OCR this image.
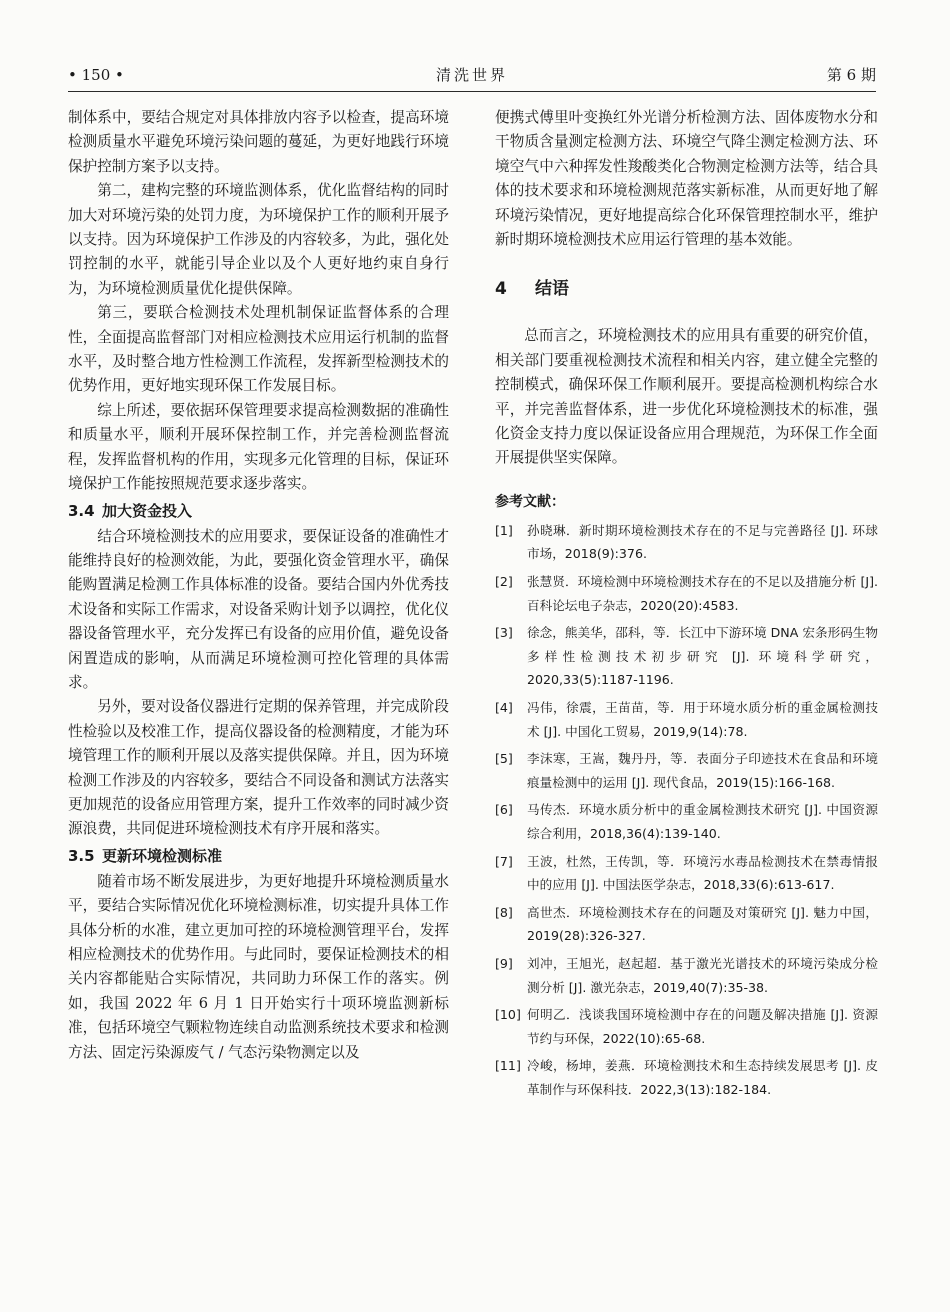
• 150 •	清洗世界	第 6 期

制体系中，要结合规定对具体排放内容予以检查，提高环境检测质量水平避免环境污染问题的蔓延，为更好地践行环境保护控制方案予以支持。

第二，建构完整的环境监测体系，优化监督结构的同时加大对环境污染的处罚力度，为环境保护工作的顺利开展予以支持。因为环境保护工作涉及的内容较多，为此，强化处罚控制的水平，就能引导企业以及个人更好地约束自身行为，为环境检测质量优化提供保障。

第三，要联合检测技术处理机制保证监督体系的合理性，全面提高监督部门对相应检测技术应用运行机制的监督水平，及时整合地方性检测工作流程，发挥新型检测技术的优势作用，更好地实现环保工作发展目标。

综上所述，要依据环保管理要求提高检测数据的准确性和质量水平，顺利开展环保控制工作，并完善检测监督流程，发挥监督机构的作用，实现多元化管理的目标，保证环境保护工作能按照规范要求逐步落实。

3.4 加大资金投入

结合环境检测技术的应用要求，要保证设备的准确性才能维持良好的检测效能，为此，要强化资金管理水平，确保能购置满足检测工作具体标准的设备。要结合国内外优秀技术设备和实际工作需求，对设备采购计划予以调控，优化仪器设备管理水平，充分发挥已有设备的应用价值，避免设备闲置造成的影响，从而满足环境检测可控化管理的具体需求。

另外，要对设备仪器进行定期的保养管理，并完成阶段性检验以及校准工作，提高仪器设备的检测精度，才能为环境管理工作的顺利开展以及落实提供保障。并且，因为环境检测工作涉及的内容较多，要结合不同设备和测试方法落实更加规范的设备应用管理方案，提升工作效率的同时减少资源浪费，共同促进环境检测技术有序开展和落实。

3.5 更新环境检测标准

随着市场不断发展进步，为更好地提升环境检测质量水平，要结合实际情况优化环境检测标准，切实提升具体工作具体分析的水准，建立更加可控的环境检测管理平台，发挥相应检测技术的优势作用。与此同时，要保证检测技术的相关内容都能贴合实际情况，共同助力环保工作的落实。例如，我国 2022 年 6 月 1 日开始实行十项环境监测新标准，包括环境空气颗粒物连续自动监测系统技术要求和检测方法、固定污染源废气 / 气态污染物测定以及

便携式傅里叶变换红外光谱分析检测方法、固体废物水分和干物质含量测定检测方法、环境空气降尘测定检测方法、环境空气中六种挥发性羧酸类化合物测定检测方法等，结合具体的技术要求和环境检测规范落实新标准，从而更好地了解环境污染情况，更好地提高综合化环保管理控制水平，维护新时期环境检测技术应用运行管理的基本效能。

4 结语

总而言之，环境检测技术的应用具有重要的研究价值，相关部门要重视检测技术流程和相关内容，建立健全完整的控制模式，确保环保工作顺利展开。要提高检测机构综合水平，并完善监督体系，进一步优化环境检测技术的标准，强化资金支持力度以保证设备应用合理规范，为环保工作全面开展提供坚实保障。

参考文献：
[1]	孙晓琳．新时期环境检测技术存在的不足与完善路径 [J]. 环球市场，2018(9):376.
[2]	张慧贤．环境检测中环境检测技术存在的不足以及措施分析 [J]. 百科论坛电子杂志，2020(20):4583.
[3]	徐念，熊美华，邵科，等．长江中下游环境 DNA 宏条形码生物多样性检测技术初步研究 [J]. 环境科学研究，2020,33(5):1187-1196.
[4]	冯伟，徐震，王苗苗，等．用于环境水质分析的重金属检测技术 [J]. 中国化工贸易，2019,9(14):78.
[5]	李沫寒，王嵩，魏丹丹，等．表面分子印迹技术在食品和环境痕量检测中的运用 [J]. 现代食品，2019(15):166-168.
[6]	马传杰．环境水质分析中的重金属检测技术研究 [J]. 中国资源综合利用，2018,36(4):139-140.
[7]	王波，杜然，王传凯，等．环境污水毒品检测技术在禁毒情报中的应用 [J]. 中国法医学杂志，2018,33(6):613-617.
[8]	高世杰．环境检测技术存在的问题及对策研究 [J]. 魅力中国，2019(28):326-327.
[9]	刘冲，王旭光，赵起超．基于激光光谱技术的环境污染成分检测分析 [J]. 激光杂志，2019,40(7):35-38.
[10] 何明乙．浅谈我国环境检测中存在的问题及解决措施 [J]. 资源节约与环保，2022(10):65-68.
[11] 冷峻，杨坤，姜燕．环境检测技术和生态持续发展思考 [J]. 皮革制作与环保科技．2022,3(13):182-184.
